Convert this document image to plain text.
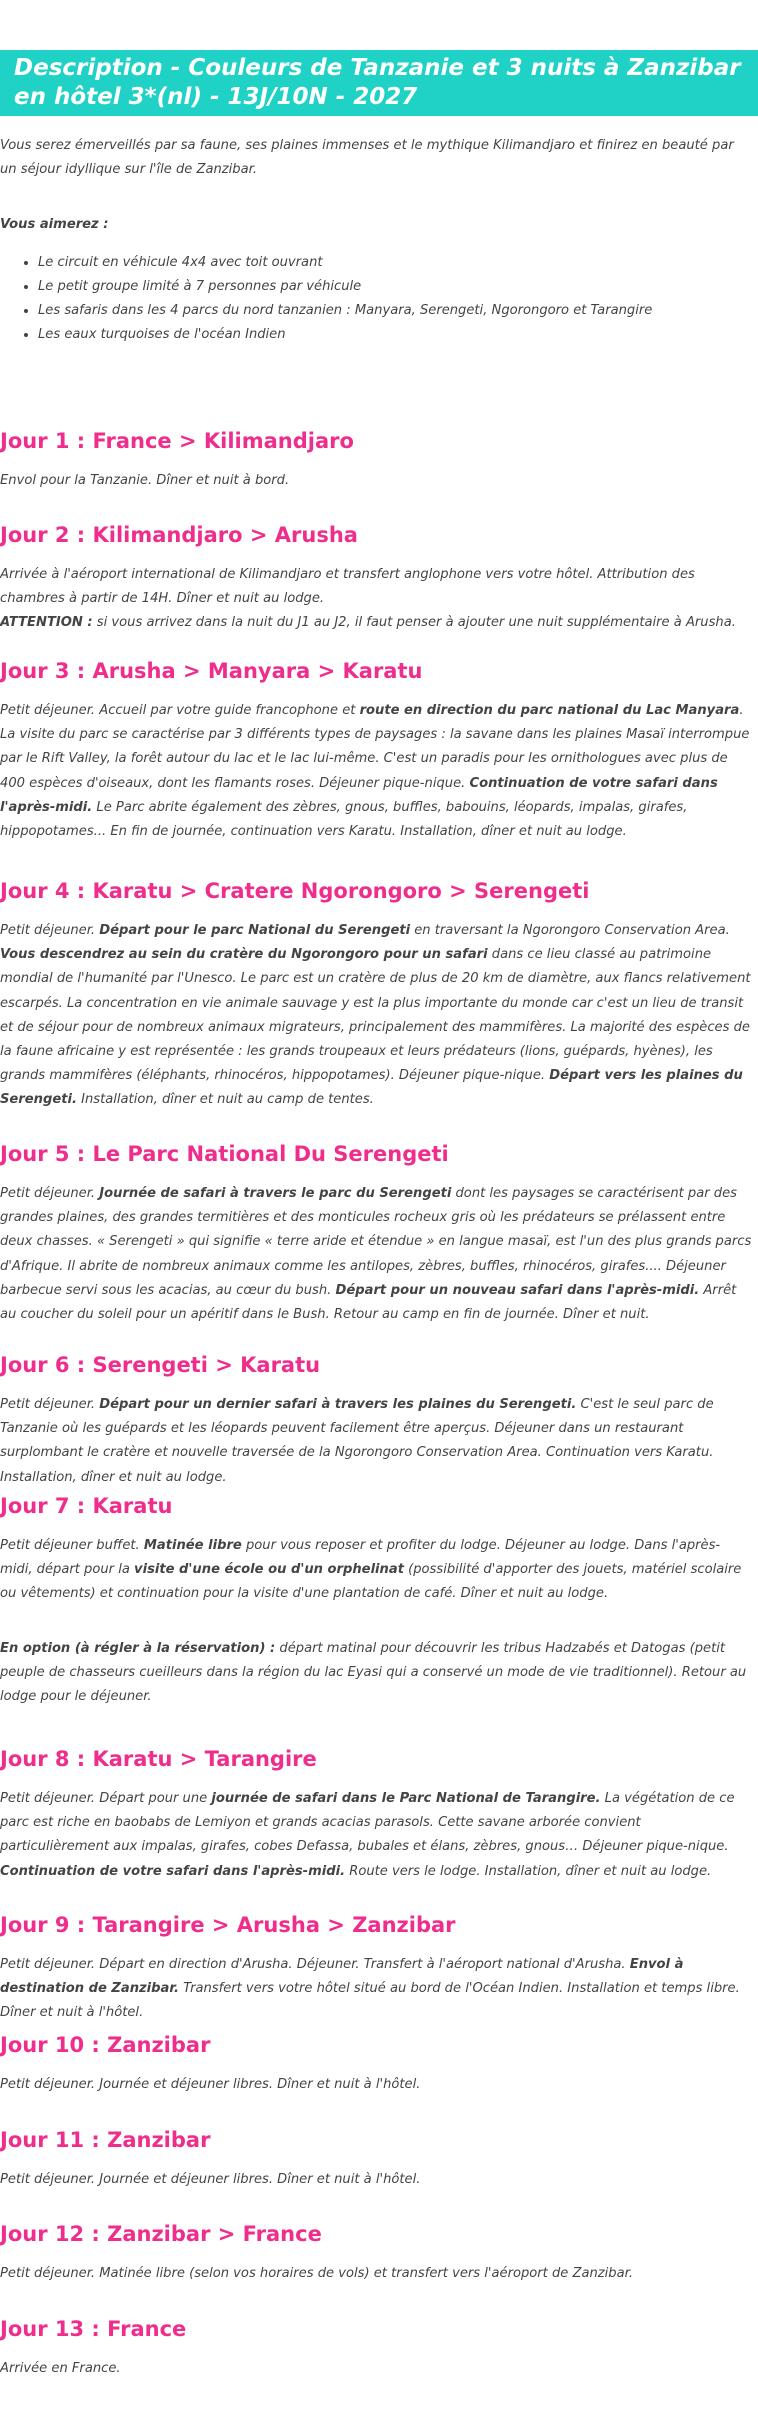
Description - Couleurs de Tanzanie et 3 nuits à Zanzibar en hôtel 3*(nl) - 13J/10N - 2027

Vous serez émerveillés par sa faune, ses plaines immenses et le mythique Kilimandjaro et finirez en beauté par un séjour idyllique sur l'île de Zanzibar.

Vous aimerez :

• Le circuit en véhicule 4x4 avec toit ouvrant
• Le petit groupe limité à 7 personnes par véhicule
• Les safaris dans les 4 parcs du nord tanzanien : Manyara, Serengeti, Ngorongoro et Tarangire
• Les eaux turquoises de l'océan Indien
Jour 1 : France > Kilimandjaro

Envol pour la Tanzanie. Dîner et nuit à bord.

Jour 2 : Kilimandjaro > Arusha

Arrivée à l'aéroport international de Kilimandjaro et transfert anglophone vers votre hôtel. Attribution des chambres à partir de 14H. Dîner et nuit au lodge.
ATTENTION : si vous arrivez dans la nuit du J1 au J2, il faut penser à ajouter une nuit supplémentaire à Arusha.

Jour 3 : Arusha > Manyara > Karatu

Petit déjeuner. Accueil par votre guide francophone et route en direction du parc national du Lac Manyara. La visite du parc se caractérise par 3 différents types de paysages : la savane dans les plaines Masaï interrompue par le Rift Valley, la forêt autour du lac et le lac lui-même. C'est un paradis pour les ornithologues avec plus de 400 espèces d'oiseaux, dont les flamants roses. Déjeuner pique-nique. Continuation de votre safari dans l'après-midi. Le Parc abrite également des zèbres, gnous, buffles, babouins, léopards, impalas, girafes, hippopotames... En fin de journée, continuation vers Karatu. Installation, dîner et nuit au lodge.

Jour 4 : Karatu > Cratere Ngorongoro > Serengeti

Petit déjeuner. Départ pour le parc National du Serengeti en traversant la Ngorongoro Conservation Area. Vous descendrez au sein du cratère du Ngorongoro pour un safari dans ce lieu classé au patrimoine mondial de l'humanité par l'Unesco. Le parc est un cratère de plus de 20 km de diamètre, aux flancs relativement escarpés. La concentration en vie animale sauvage y est la plus importante du monde car c'est un lieu de transit et de séjour pour de nombreux animaux migrateurs, principalement des mammifères. La majorité des espèces de la faune africaine y est représentée : les grands troupeaux et leurs prédateurs (lions, guépards, hyènes), les grands mammifères (éléphants, rhinocéros, hippopotames). Déjeuner pique-nique. Départ vers les plaines du Serengeti. Installation, dîner et nuit au camp de tentes.

Jour 5 : Le Parc National Du Serengeti

Petit déjeuner. Journée de safari à travers le parc du Serengeti dont les paysages se caractérisent par des grandes plaines, des grandes termitières et des monticules rocheux gris où les prédateurs se prélassent entre deux chasses. « Serengeti » qui signifie « terre aride et étendue » en langue masaï, est l'un des plus grands parcs d'Afrique. Il abrite de nombreux animaux comme les antilopes, zèbres, buffles, rhinocéros, girafes.... Déjeuner barbecue servi sous les acacias, au cœur du bush. Départ pour un nouveau safari dans l'après-midi. Arrêt au coucher du soleil pour un apéritif dans le Bush. Retour au camp en fin de journée. Dîner et nuit.

Jour 6 : Serengeti > Karatu

Petit déjeuner. Départ pour un dernier safari à travers les plaines du Serengeti. C'est le seul parc de Tanzanie où les guépards et les léopards peuvent facilement être aperçus. Déjeuner dans un restaurant surplombant le cratère et nouvelle traversée de la Ngorongoro Conservation Area. Continuation vers Karatu. Installation, dîner et nuit au lodge.

Jour 7 : Karatu

Petit déjeuner buffet. Matinée libre pour vous reposer et profiter du lodge. Déjeuner au lodge. Dans l'après-midi, départ pour la visite d'une école ou d'un orphelinat (possibilité d'apporter des jouets, matériel scolaire ou vêtements) et continuation pour la visite d'une plantation de café. Dîner et nuit au lodge.

En option (à régler à la réservation) : départ matinal pour découvrir les tribus Hadzabés et Datogas (petit peuple de chasseurs cueilleurs dans la région du lac Eyasi qui a conservé un mode de vie traditionnel). Retour au lodge pour le déjeuner.

Jour 8 : Karatu > Tarangire

Petit déjeuner. Départ pour une journée de safari dans le Parc National de Tarangire. La végétation de ce parc est riche en baobabs de Lemiyon et grands acacias parasols. Cette savane arborée convient particulièrement aux impalas, girafes, cobes Defassa, bubales et élans, zèbres, gnous… Déjeuner pique-nique. Continuation de votre safari dans l'après-midi. Route vers le lodge. Installation, dîner et nuit au lodge.

Jour 9 : Tarangire > Arusha > Zanzibar

Petit déjeuner. Départ en direction d'Arusha. Déjeuner. Transfert à l'aéroport national d'Arusha. Envol à destination de Zanzibar. Transfert vers votre hôtel situé au bord de l'Océan Indien. Installation et temps libre. Dîner et nuit à l'hôtel.

Jour 10 : Zanzibar

Petit déjeuner. Journée et déjeuner libres. Dîner et nuit à l'hôtel.

Jour 11 : Zanzibar

Petit déjeuner. Journée et déjeuner libres. Dîner et nuit à l'hôtel.

Jour 12 : Zanzibar > France

Petit déjeuner. Matinée libre (selon vos horaires de vols) et transfert vers l'aéroport de Zanzibar.

Jour 13 : France

Arrivée en France.
